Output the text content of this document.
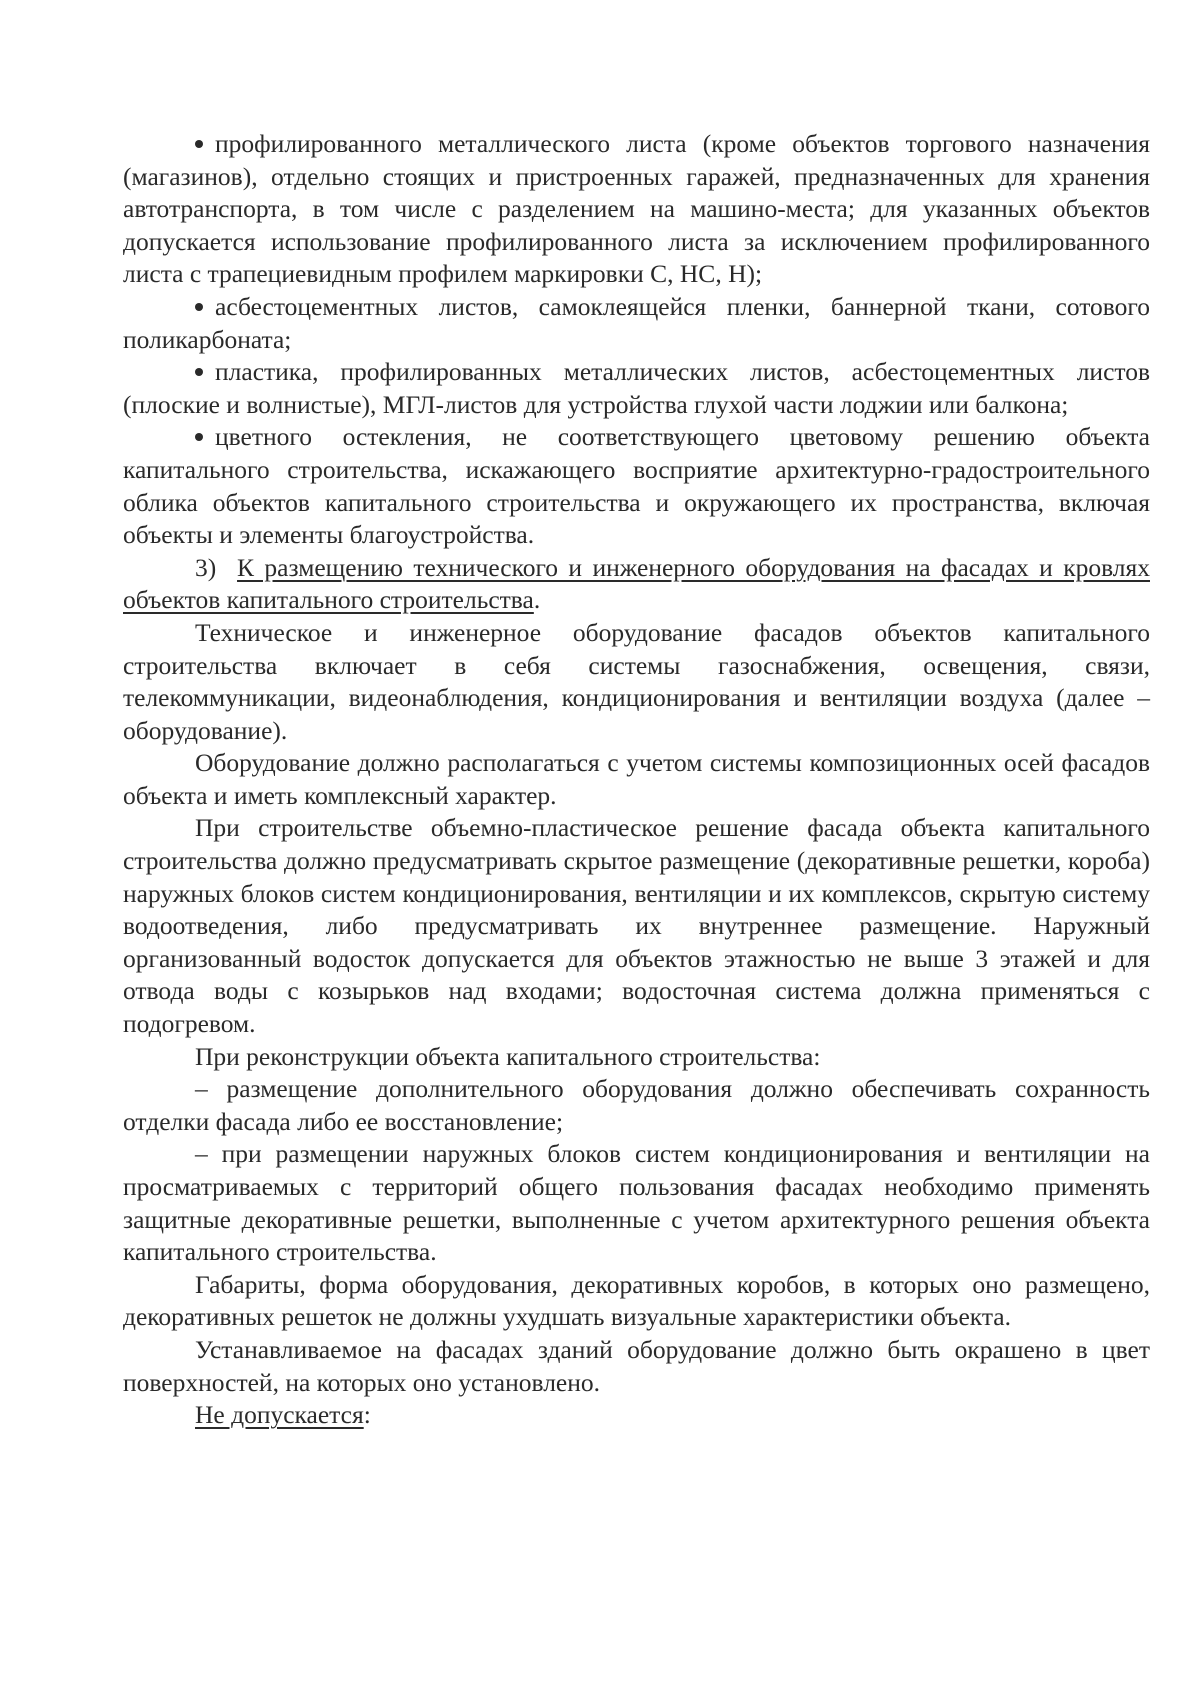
профилированного металлического листа (кроме объектов торгового назначения (магазинов), отдельно стоящих и пристроенных гаражей, предназначенных для хранения автотранспорта, в том числе с разделением на машино-места; для указанных объектов допускается использование профилированного листа за исключением профилированного листа с трапециевидным профилем маркировки С, НС, Н);

асбестоцементных листов, самоклеящейся пленки, баннерной ткани, сотового поликарбоната;

пластика, профилированных металлических листов, асбестоцементных листов (плоские и волнистые), МГЛ-листов для устройства глухой части лоджии или балкона;

цветного остекления, не соответствующего цветовому решению объекта капитального строительства, искажающего восприятие архитектурно-градостроительного облика объектов капитального строительства и окружающего их пространства, включая объекты и элементы благоустройства.

3) К размещению технического и инженерного оборудования на фасадах и кровлях объектов капитального строительства.

Техническое и инженерное оборудование фасадов объектов капитального строительства включает в себя системы газоснабжения, освещения, связи, телекоммуникации, видеонаблюдения, кондиционирования и вентиляции воздуха (далее – оборудование).

Оборудование должно располагаться с учетом системы композиционных осей фасадов объекта и иметь комплексный характер.

При строительстве объемно-пластическое решение фасада объекта капитального строительства должно предусматривать скрытое размещение (декоративные решетки, короба) наружных блоков систем кондиционирования, вентиляции и их комплексов, скрытую систему водоотведения, либо предусматривать их внутреннее размещение. Наружный организованный водосток допускается для объектов этажностью не выше 3 этажей и для отвода воды с козырьков над входами; водосточная система должна применяться с подогревом.

При реконструкции объекта капитального строительства:

– размещение дополнительного оборудования должно обеспечивать сохранность отделки фасада либо ее восстановление;

– при размещении наружных блоков систем кондиционирования и вентиляции на просматриваемых с территорий общего пользования фасадах необходимо применять защитные декоративные решетки, выполненные с учетом архитектурного решения объекта капитального строительства.

Габариты, форма оборудования, декоративных коробов, в которых оно размещено, декоративных решеток не должны ухудшать визуальные характеристики объекта.

Устанавливаемое на фасадах зданий оборудование должно быть окрашено в цвет поверхностей, на которых оно установлено.

Не допускается:
